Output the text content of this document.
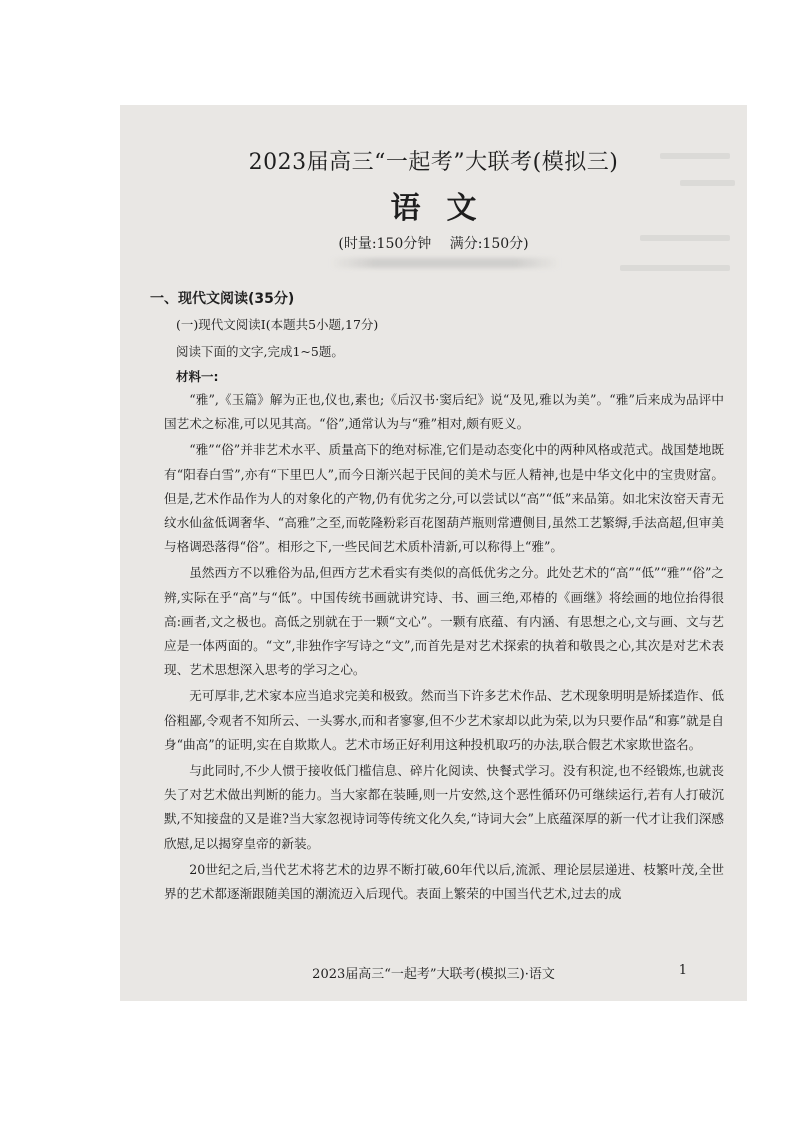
2023届高三“一起考”大联考(模拟三)
语文
(时量:150分钟 满分:150分)
一、现代文阅读(35分)
(一)现代文阅读Ⅰ(本题共5小题,17分)
阅读下面的文字,完成1~5题。
材料一:

“雅”,《玉篇》解为正也,仪也,素也;《后汉书·窦后纪》说“及见,雅以为美”。“雅”后来成为品评中国艺术之标准,可以见其高。“俗”,通常认为与“雅”相对,颇有贬义。

“雅”“俗”并非艺术水平、质量高下的绝对标准,它们是动态变化中的两种风格或范式。战国楚地既有“阳春白雪”,亦有“下里巴人”,而今日渐兴起于民间的美术与匠人精神,也是中华文化中的宝贵财富。但是,艺术作品作为人的对象化的产物,仍有优劣之分,可以尝试以“高”“低”来品第。如北宋汝窑天青无纹水仙盆低调奢华、“高雅”之至,而乾隆粉彩百花图葫芦瓶则常遭侧目,虽然工艺繁缛,手法高超,但审美与格调恐落得“俗”。相形之下,一些民间艺术质朴清新,可以称得上“雅”。

虽然西方不以雅俗为品,但西方艺术看实有类似的高低优劣之分。此处艺术的“高”“低”“雅”“俗”之辨,实际在乎“高”与“低”。中国传统书画就讲究诗、书、画三绝,邓椿的《画继》将绘画的地位抬得很高:画者,文之极也。高低之别就在于一颗“文心”。一颗有底蕴、有内涵、有思想之心,文与画、文与艺应是一体两面的。“文”,非独作字写诗之“文”,而首先是对艺术探索的执着和敬畏之心,其次是对艺术表现、艺术思想深入思考的学习之心。

无可厚非,艺术家本应当追求完美和极致。然而当下许多艺术作品、艺术现象明明是矫揉造作、低俗粗鄙,令观者不知所云、一头雾水,而和者寥寥,但不少艺术家却以此为荣,以为只要作品“和寡”就是自身“曲高”的证明,实在自欺欺人。艺术市场正好利用这种投机取巧的办法,联合假艺术家欺世盗名。

与此同时,不少人惯于接收低门槛信息、碎片化阅读、快餐式学习。没有积淀,也不经锻炼,也就丧失了对艺术做出判断的能力。当大家都在装睡,则一片安然,这个恶性循环仍可继续运行,若有人打破沉默,不知接盘的又是谁?当大家忽视诗词等传统文化久矣,“诗词大会”上底蕴深厚的新一代才让我们深感欣慰,足以揭穿皇帝的新装。

20世纪之后,当代艺术将艺术的边界不断打破,60年代以后,流派、理论层层递进、枝繁叶茂,全世界的艺术都逐渐跟随美国的潮流迈入后现代。表面上繁荣的中国当代艺术,过去的成

2023届高三“一起考”大联考(模拟三)·语文	1
